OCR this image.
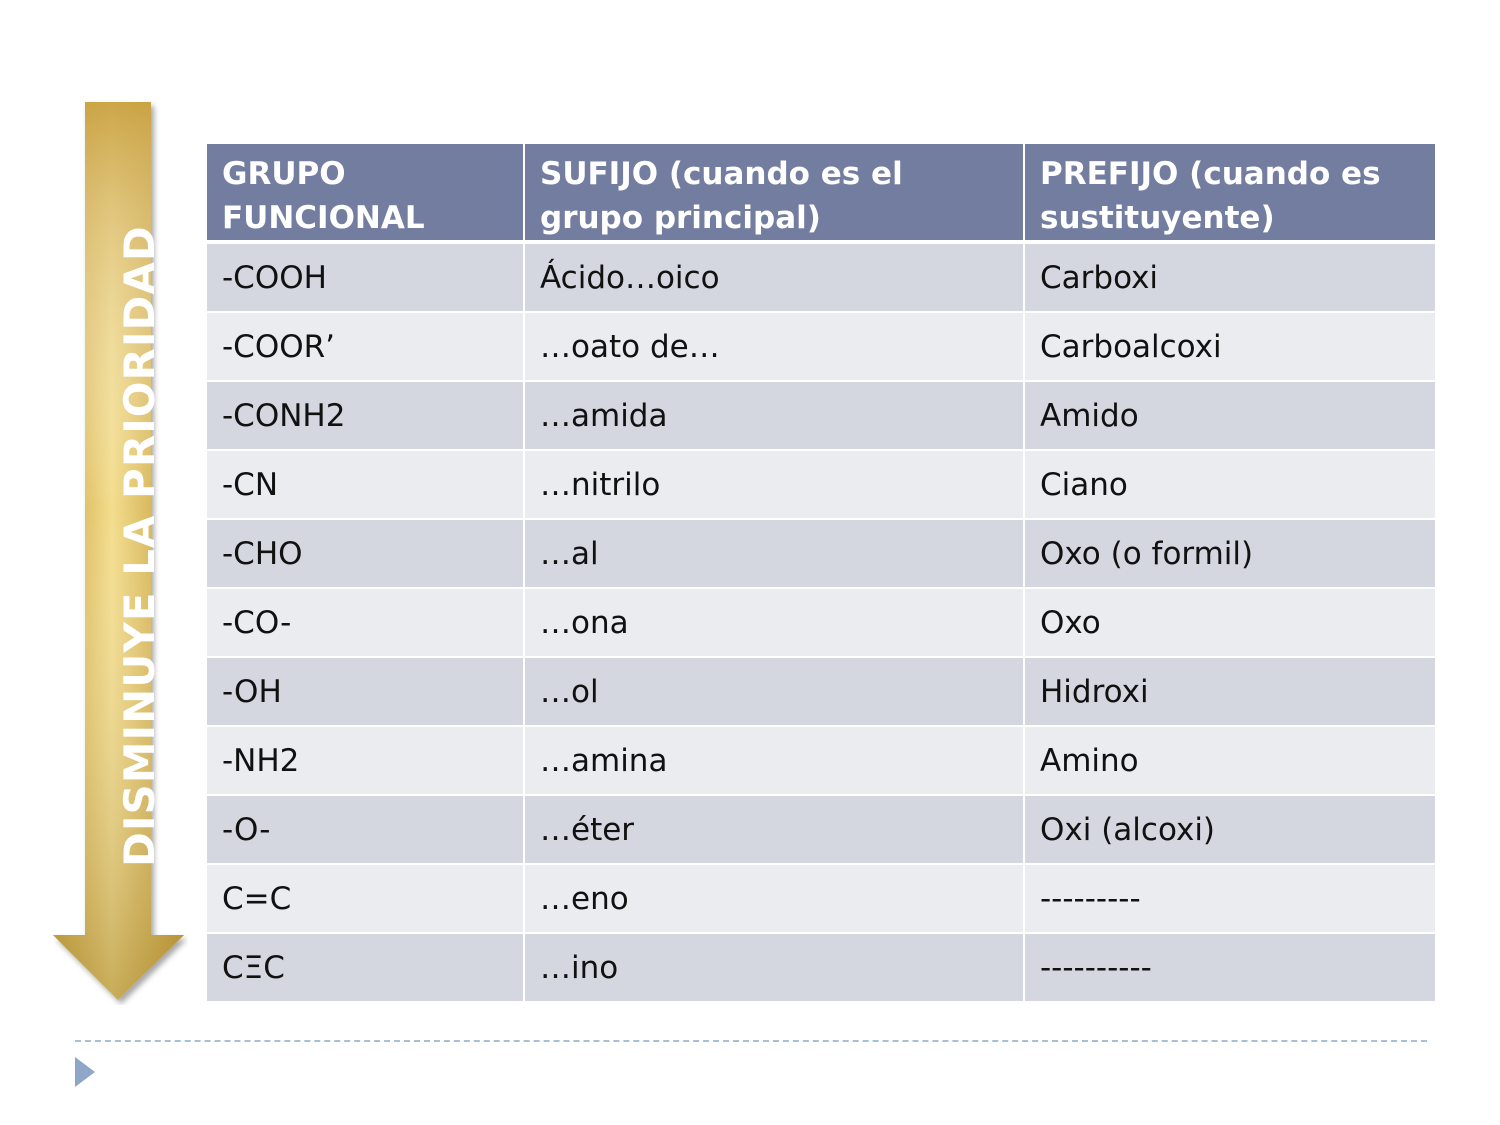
DISMINUYE LA PRIORIDAD
GRUPO FUNCIONAL	SUFIJO (cuando es el grupo principal)	PREFIJO (cuando es sustituyente)
-COOH	Ácido…oico	Carboxi
-COOR’	…oato de…	Carboalcoxi
-CONH2	…amida	Amido
-CN	…nitrilo	Ciano
-CHO	…al	Oxo (o formil)
-CO-	…ona	Oxo
-OH	…ol	Hidroxi
-NH2	…amina	Amino
-O-	…éter	Oxi (alcoxi)
C=C	…eno	---------
CΞC	…ino	----------
